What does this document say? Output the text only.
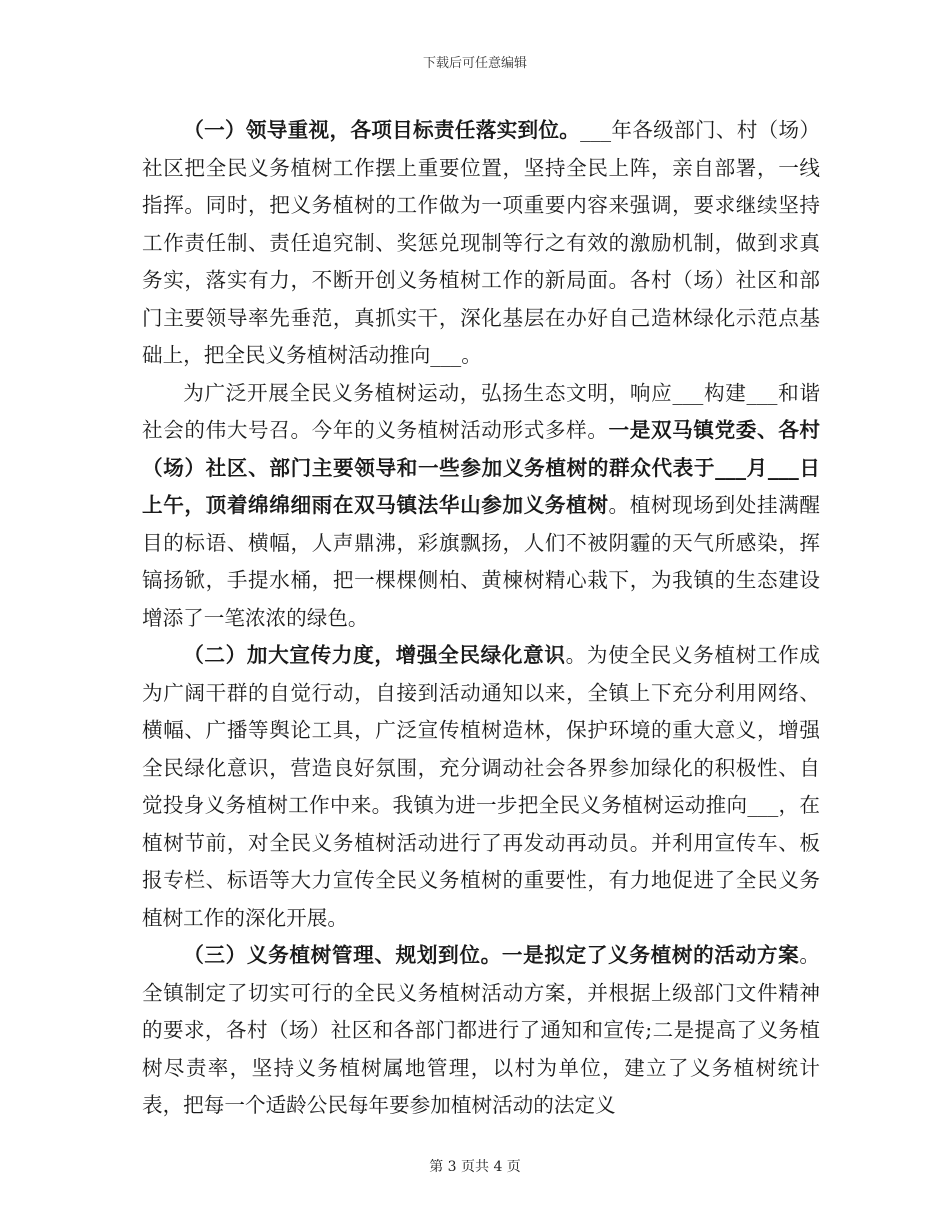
下载后可任意编辑

（一）领导重视，各项目标责任落实到位。___年各级部门、村（场）社区把全民义务植树工作摆上重要位置，坚持全民上阵，亲自部署，一线指挥。同时，把义务植树的工作做为一项重要内容来强调，要求继续坚持工作责任制、责任追究制、奖惩兑现制等行之有效的激励机制，做到求真务实，落实有力，不断开创义务植树工作的新局面。各村（场）社区和部门主要领导率先垂范，真抓实干，深化基层在办好自己造林绿化示范点基础上，把全民义务植树活动推向___。

为广泛开展全民义务植树运动，弘扬生态文明，响应___构建___和谐社会的伟大号召。今年的义务植树活动形式多样。一是双马镇党委、各村（场）社区、部门主要领导和一些参加义务植树的群众代表于___月___日上午，顶着绵绵细雨在双马镇法华山参加义务植树。植树现场到处挂满醒目的标语、横幅，人声鼎沸，彩旗飘扬，人们不被阴霾的天气所感染，挥镐扬锨，手提水桶，把一棵棵侧柏、黄楝树精心栽下，为我镇的生态建设增添了一笔浓浓的绿色。

（二）加大宣传力度，增强全民绿化意识。为使全民义务植树工作成为广阔干群的自觉行动，自接到活动通知以来，全镇上下充分利用网络、横幅、广播等舆论工具，广泛宣传植树造林，保护环境的重大意义，增强全民绿化意识，营造良好氛围，充分调动社会各界参加绿化的积极性、自觉投身义务植树工作中来。我镇为进一步把全民义务植树运动推向___，在植树节前，对全民义务植树活动进行了再发动再动员。并利用宣传车、板报专栏、标语等大力宣传全民义务植树的重要性，有力地促进了全民义务植树工作的深化开展。

（三）义务植树管理、规划到位。一是拟定了义务植树的活动方案。全镇制定了切实可行的全民义务植树活动方案，并根据上级部门文件精神的要求，各村（场）社区和各部门都进行了通知和宣传;二是提高了义务植树尽责率，坚持义务植树属地管理，以村为单位，建立了义务植树统计表，把每一个适龄公民每年要参加植树活动的法定义

第 3 页共 4 页
